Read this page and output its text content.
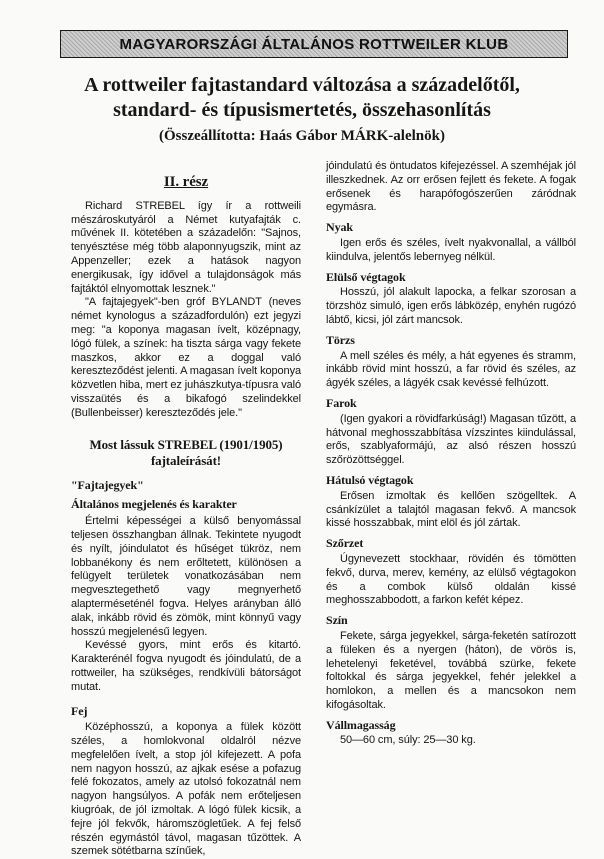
MAGYARORSZÁGI ÁLTALÁNOS ROTTWEILER KLUB
A rottweiler fajtastandard változása a századelőtől,
standard- és típusismertetés, összehasonlítás
(Összeállította: Haás Gábor MÁRK-alelnök)
II. rész

Richard STREBEL így ír a rottweili mészároskutyáról a Német kutyafajták c. művének II. kötetében a századelőn: "Sajnos, tenyésztése még több alaponnyugszik, mint az Appenzeller; ezek a hatások nagyon energikusak, így idővel a tulajdonságok más fajtáktól elnyomottak lesznek."

"A fajtajegyek"-ben gróf BYLANDT (neves német kynologus a századfordulón) ezt jegyzi meg: "a koponya magasan ívelt, középnagy, lógó fülek, a színek: ha tiszta sárga vagy fekete maszkos, akkor ez a doggal való kereszteződést jelenti. A magasan ívelt koponya közvetlen hiba, mert ez juhászkutya-típusra való visszaütés és a bikafogó szelindekkel (Bullenbeisser) kereszteződés jele."

Most lássuk STREBEL (1901/1905)
fajtaleírását!
"Fajtajegyek"
Általános megjelenés és karakter

Értelmi képességei a külső benyomással teljesen összhangban állnak. Tekintete nyugodt és nyílt, jóindulatot és hűséget tükröz, nem lobbanékony és nem erőltetett, különösen a felügyelt területek vonatkozásában nem megvesztegethető vagy megnyerhető alapterméseténél fogva. Helyes arányban álló alak, inkább rövid és zömök, mint könnyű vagy hosszú megjelenésű legyen.

Kevéssé gyors, mint erős és kitartó. Karakterénél fogva nyugodt és jóindulatú, de a rottweiler, ha szükséges, rendkívüli bátorságot mutat.

Fej

Középhosszú, a koponya a fülek között széles, a homlokvonal oldalról nézve megfelelően ívelt, a stop jól kifejezett. A pofa nem nagyon hosszú, az ajkak esése a pofazug felé fokozatos, amely az utolsó fokozatnál nem nagyon hangsúlyos. A pofák nem erőteljesen kiugróak, de jól izmoltak. A lógó fülek kicsik, a fejre jól fekvők, háromszögletűek. A fej felső részén egymástól távol, magasan tűzöttek. A szemek sötétbarna színűek,

jóindulatú és öntudatos kifejezéssel. A szemhéjak jól illeszkednek. Az orr erősen fejlett és fekete. A fogak erősenek és harapófogószerűen záródnak egymásra.

Nyak

Igen erős és széles, ívelt nyakvonallal, a vállból kiindulva, jelentős lebernyeg nélkül.

Elülső végtagok

Hosszú, jól alakult lapocka, a felkar szorosan a törzshöz simuló, igen erős lábközép, enyhén rugózó lábtő, kicsi, jól zárt mancsok.

Törzs

A mell széles és mély, a hát egyenes és stramm, inkább rövid mint hosszú, a far rövid és széles, az ágyék széles, a lágyék csak kevéssé felhúzott.

Farok

(Igen gyakori a rövidfarkúság!) Magasan tűzött, a hátvonal meghosszabbítása vízszintes kiindulással, erős, szablyaformájú, az alsó részen hosszú szőrözöttséggel.

Hátulsó végtagok

Erősen izmoltak és kellően szögelltek. A csánkízület a talajtól magasan fekvő. A mancsok kissé hosszabbak, mint elöl és jól zártak.

Szőrzet

Úgynevezett stockhaar, rövidén és tömötten fekvő, durva, merev, kemény, az elülső végtagokon és a combok külső oldalán kissé meghosszabbodott, a farkon kefét képez.

Szín

Fekete, sárga jegyekkel, sárga-feketén satírozott a füleken és a nyergen (háton), de vörös is, lehetelenyi feketével, továbbá szürke, fekete foltokkal és sárga jegyekkel, fehér jelekkel a homlokon, a mellen és a mancsokon nem kifogásoltak.

Vállmagasság

50—60 cm, súly: 25—30 kg.
